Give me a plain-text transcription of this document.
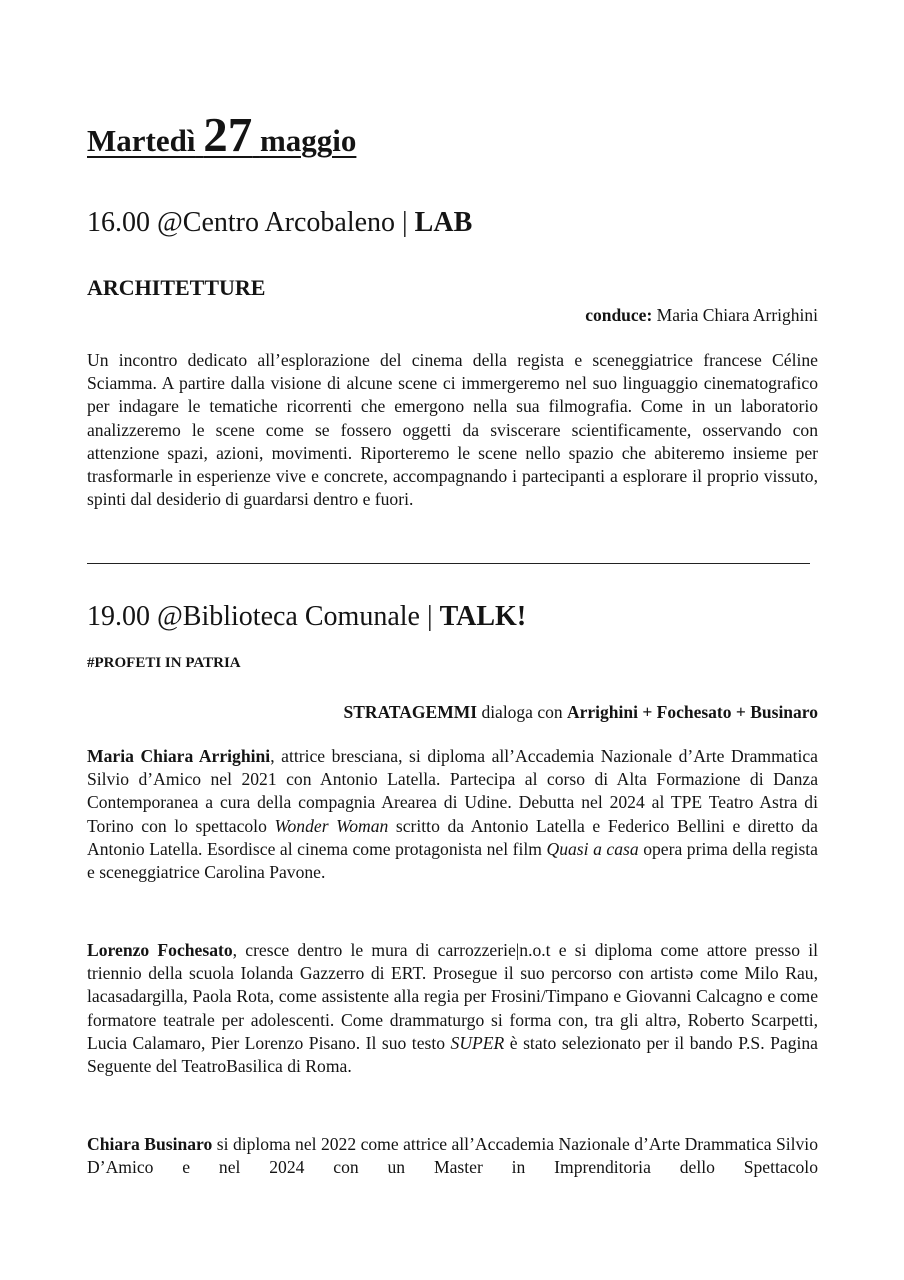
Martedì 27 maggio
16.00 @Centro Arcobaleno | LAB
ARCHITETTURE
conduce: Maria Chiara Arrighini

Un incontro dedicato all’esplorazione del cinema della regista e sceneggiatrice francese Céline Sciamma. A partire dalla visione di alcune scene ci immergeremo nel suo linguaggio cinematografico per indagare le tematiche ricorrenti che emergono nella sua filmografia. Come in un laboratorio analizzeremo le scene come se fossero oggetti da sviscerare scientificamente, osservando con attenzione spazi, azioni, movimenti. Riporteremo le scene nello spazio che abiteremo insieme per trasformarle in esperienze vive e concrete, accompagnando i partecipanti a esplorare il proprio vissuto, spinti dal desiderio di guardarsi dentro e fuori.

19.00 @Biblioteca Comunale | TALK!
#PROFETI IN PATRIA
STRATAGEMMI dialoga con Arrighini + Fochesato + Businaro

Maria Chiara Arrighini, attrice bresciana, si diploma all’Accademia Nazionale d’Arte Drammatica Silvio d’Amico nel 2021 con Antonio Latella. Partecipa al corso di Alta Formazione di Danza Contemporanea a cura della compagnia Arearea di Udine. Debutta nel 2024 al TPE Teatro Astra di Torino con lo spettacolo Wonder Woman scritto da Antonio Latella e Federico Bellini e diretto da Antonio Latella. Esordisce al cinema come protagonista nel film Quasi a casa opera prima della regista e sceneggiatrice Carolina Pavone.

Lorenzo Fochesato, cresce dentro le mura di carrozzerie|n.o.t e si diploma come attore presso il triennio della scuola Iolanda Gazzerro di ERT. Prosegue il suo percorso con artistə come Milo Rau, lacasadargilla, Paola Rota, come assistente alla regia per Frosini/Timpano e Giovanni Calcagno e come formatore teatrale per adolescenti. Come drammaturgo si forma con, tra gli altrə, Roberto Scarpetti, Lucia Calamaro, Pier Lorenzo Pisano. Il suo testo SUPER è stato selezionato per il bando P.S. Pagina Seguente del TeatroBasilica di Roma.

Chiara Businaro si diploma nel 2022 come attrice all’Accademia Nazionale d’Arte Drammatica Silvio D’Amico e nel 2024 con un Master in Imprenditoria dello Spettacolo
